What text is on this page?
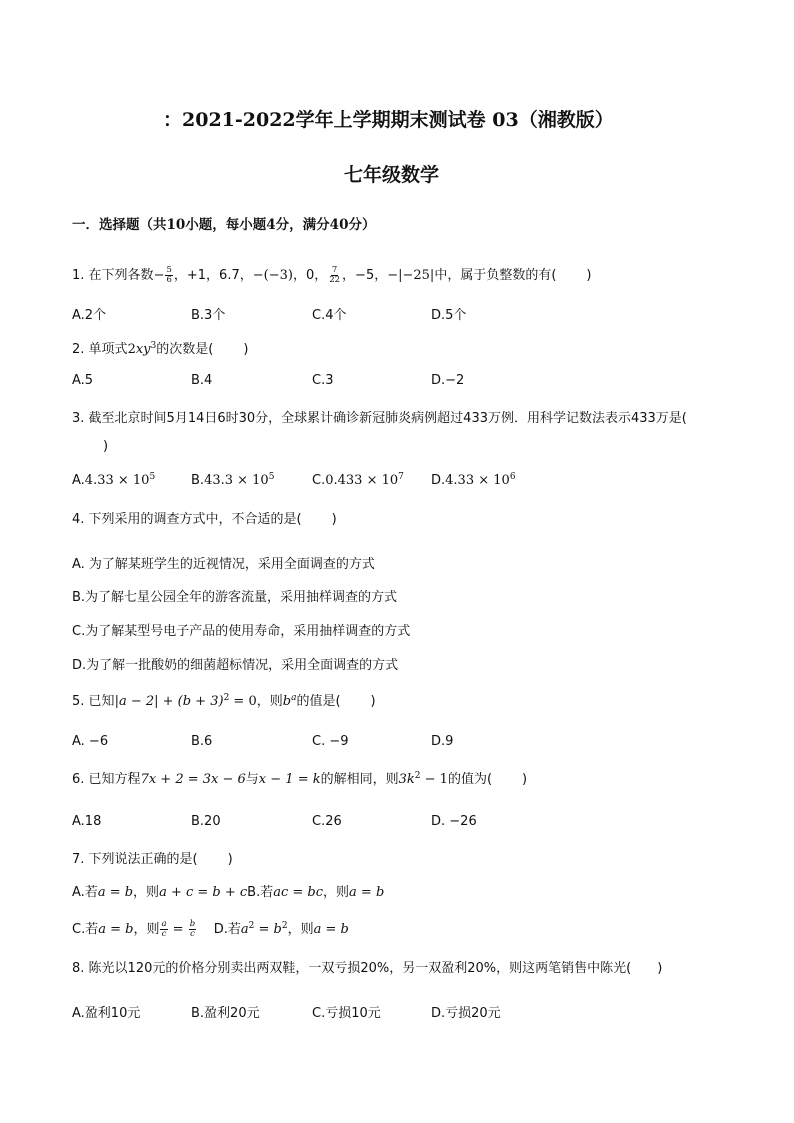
：2021-2022学年上学期期末测试卷 03（湘教版）
七年级数学
一．选择题（共10小题，每小题4分，满分40分）
1. 在下列各数− $\frac{5}{6}$ ，+1，6.7，−(−3)，0， $\frac{7}{22}$ ，−5，−|−25|中，属于负整数的有( )
A.2个	B.3个	C.4个	D.5个
2. 单项式$2xy^3$的次数是( )
A.5	B.4	C.3	D.−2
3. 截至北京时间5月14日6时30分，全球累计确诊新冠肺炎病例超过433万例．用科学记数法表示433万是(
)
$A.4.33 \times 10^5$	$B.43.3 \times 10^5$	$C.0.433 \times 10^7$ $D.4.33 \times 10^6$
4. 下列采用的调查方式中，不合适的是( )
A. 为了解某班学生的近视情况，采用全面调查的方式
B.为了解七星公园全年的游客流量，采用抽样调查的方式
C.为了解某型号电子产品的使用寿命，采用抽样调查的方式
D.为了解一批酸奶的细菌超标情况，采用全面调查的方式
5. 已知$|a - 2| + (b + 3)^2 = 0$，则$b^a$的值是( )
A. −6	B.6	C. −9	D.9
6. 已知方程7x + 2 = 3x − 6与x − 1 = k的解相同，则$3k^2 - 1$的值为( )
A.18	B.20	C.26	D. −26
7. 下列说法正确的是( )
A.若a = b，则a + c = b + cB.若ac = bc，则a = b
C.若a = b，则 $\frac{a}{c} = \frac{b}{c} D$.若$a^2 = b^2$，则a = b
8. 陈光以120元的价格分别卖出两双鞋，一双亏损20%，另一双盈利20%，则这两笔销售中陈光( )
A.盈利10元	B.盈利20元	C.亏损10元	D.亏损20元
